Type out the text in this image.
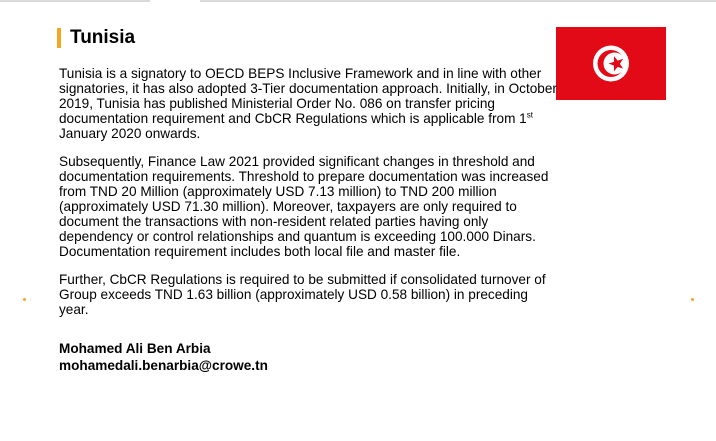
Tunisia

Tunisia is a signatory to OECD BEPS Inclusive Framework and in line with other signatories, it has also adopted 3-Tier documentation approach. Initially, in October 2019, Tunisia has published Ministerial Order No. 086 on transfer pricing documentation requirement and CbCR Regulations which is applicable from 1st January 2020 onwards.

Subsequently, Finance Law 2021 provided significant changes in threshold and documentation requirements. Threshold to prepare documentation was increased from TND 20 Million (approximately USD 7.13 million) to TND 200 million (approximately USD 71.30 million). Moreover, taxpayers are only required to document the transactions with non-resident related parties having only dependency or control relationships and quantum is exceeding 100.000 Dinars. Documentation requirement includes both local file and master file.

Further, CbCR Regulations is required to be submitted if consolidated turnover of Group exceeds TND 1.63 billion (approximately USD 0.58 billion) in preceding year.

Mohamed Ali Ben Arbia
mohamedali.benarbia@crowe.tn
